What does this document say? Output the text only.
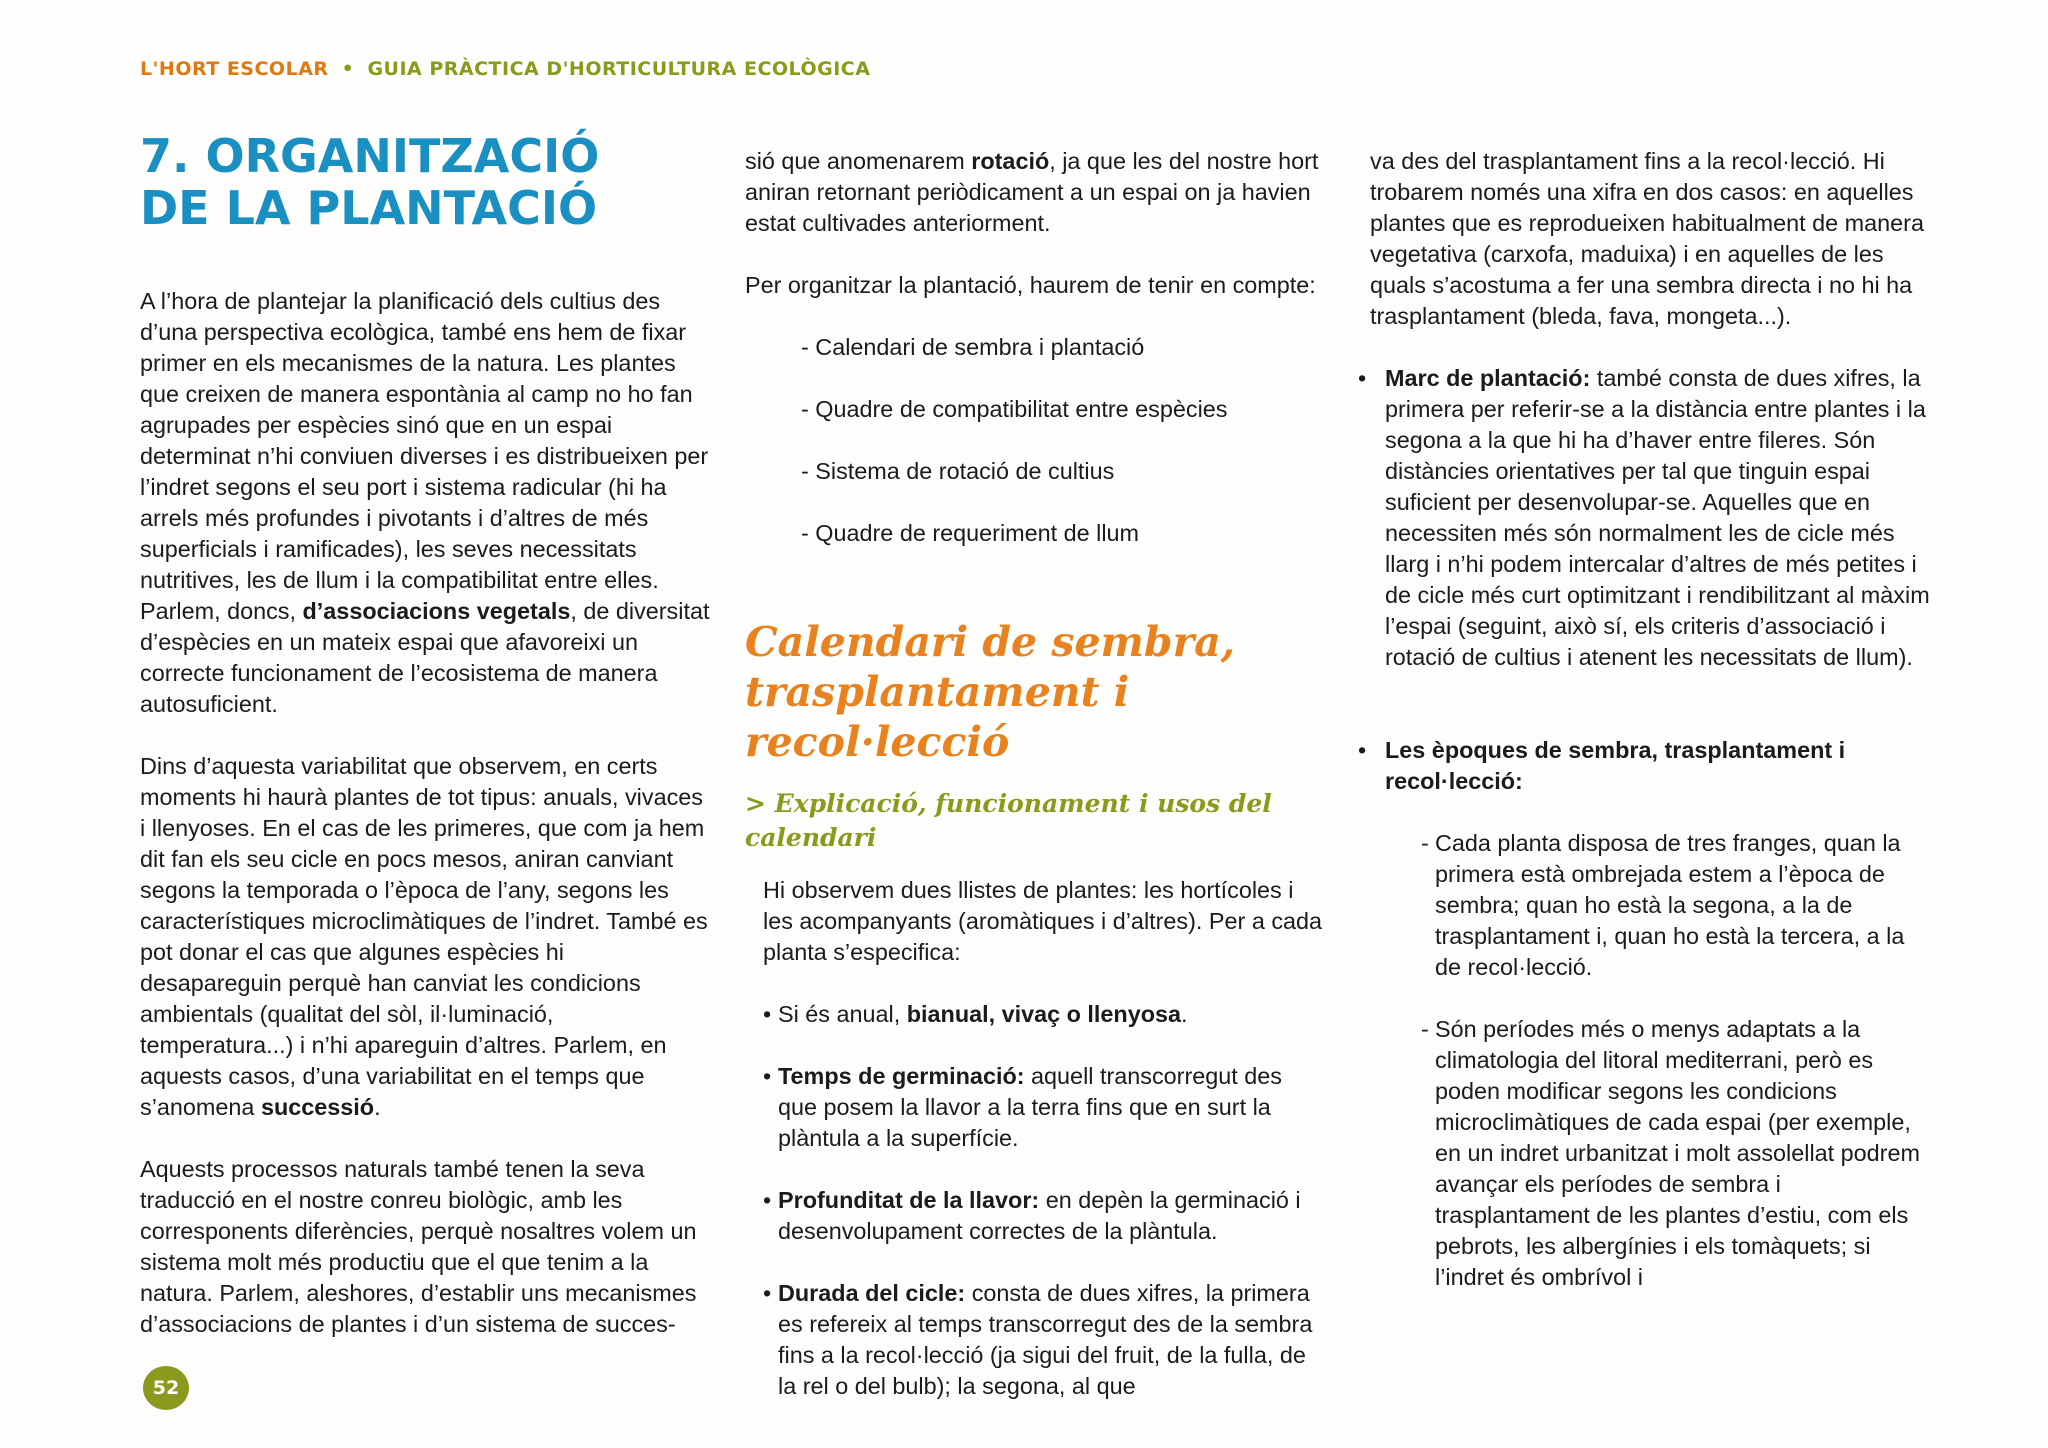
L'HORT ESCOLAR • GUIA PRÀCTICA D'HORTICULTURA ECOLÒGICA
7. ORGANITZACIÓ
DE LA PLANTACIÓ

A l’hora de plantejar la planificació dels cultius des d’una perspectiva ecològica, també ens hem de fixar primer en els mecanismes de la natura. Les plantes que creixen de manera espontània al camp no ho fan agrupades per espècies sinó que en un espai determinat n’hi conviuen diverses i es distribueixen per l’indret segons el seu port i sistema radicular (hi ha arrels més profundes i pivotants i d’altres de més superficials i ramificades), les seves necessitats nutritives, les de llum i la compatibilitat entre elles. Parlem, doncs, d’associacions vegetals, de diversitat d’espècies en un mateix espai que afavoreixi un correcte funcionament de l’ecosistema de manera autosuficient.

Dins d’aquesta variabilitat que observem, en certs moments hi haurà plantes de tot tipus: anuals, vivaces i llenyoses. En el cas de les primeres, que com ja hem dit fan els seu cicle en pocs mesos, aniran canviant segons la temporada o l’època de l’any, segons les característiques microclimàtiques de l’indret. També es pot donar el cas que algunes espècies hi desapareguin perquè han canviat les condicions ambientals (qualitat del sòl, il·luminació, temperatura...) i n’hi apareguin d’altres. Parlem, en aquests casos, d’una variabilitat en el temps que s’anomena successió.

Aquests processos naturals també tenen la seva traducció en el nostre conreu biològic, amb les corresponents diferències, perquè nosaltres volem un sistema molt més productiu que el que tenim a la natura. Parlem, aleshores, d’establir uns mecanismes d’associacions de plantes i d’un sistema de succes-

sió que anomenarem rotació, ja que les del nostre hort aniran retornant periòdicament a un espai on ja havien estat cultivades anteriorment.

Per organitzar la plantació, haurem de tenir en compte:

- Calendari de sembra i plantació
- Quadre de compatibilitat entre espècies
- Sistema de rotació de cultius
- Quadre de requeriment de llum
Calendari de sembra,
trasplantament i recol·lecció
> Explicació, funcionament i usos del calendari

Hi observem dues llistes de plantes: les hortícoles i les acompanyants (aromàtiques i d’altres). Per a cada planta s’especifica:

• Si és anual, bianual, vivaç o llenyosa.
• Temps de germinació: aquell transcorregut des que posem la llavor a la terra fins que en surt la plàntula a la superfície.
• Profunditat de la llavor: en depèn la germinació i desenvolupament correctes de la plàntula.
• Durada del cicle: consta de dues xifres, la primera es refereix al temps transcorregut des de la sembra fins a la recol·lecció (ja sigui del fruit, de la fulla, de la rel o del bulb); la segona, al que

va des del trasplantament fins a la recol·lecció. Hi trobarem només una xifra en dos casos: en aquelles plantes que es reprodueixen habitualment de manera vegetativa (carxofa, maduixa) i en aquelles de les quals s’acostuma a fer una sembra directa i no hi ha trasplantament (bleda, fava, mongeta...).

• Marc de plantació: també consta de dues xifres, la primera per referir-se a la distància entre plantes i la segona a la que hi ha d’haver entre fileres. Són distàncies orientatives per tal que tinguin espai suficient per desenvolupar-se. Aquelles que en necessiten més són normalment les de cicle més llarg i n’hi podem intercalar d’altres de més petites i de cicle més curt optimitzant i rendibilitzant al màxim l’espai (seguint, això sí, els criteris d’associació i rotació de cultius i atenent les necessitats de llum).
• Les èpoques de sembra, trasplantament i recol·lecció:
- Cada planta disposa de tres franges, quan la primera està ombrejada estem a l’època de sembra; quan ho està la segona, a la de trasplantament i, quan ho està la tercera, a la de recol·lecció.
- Són períodes més o menys adaptats a la climatologia del litoral mediterrani, però es poden modificar segons les condicions microclimàtiques de cada espai (per exemple, en un indret urbanitzat i molt assolellat podrem avançar els períodes de sembra i trasplantament de les plantes d’estiu, com els pebrots, les albergínies i els tomàquets; si l’indret és ombrívol i
52
